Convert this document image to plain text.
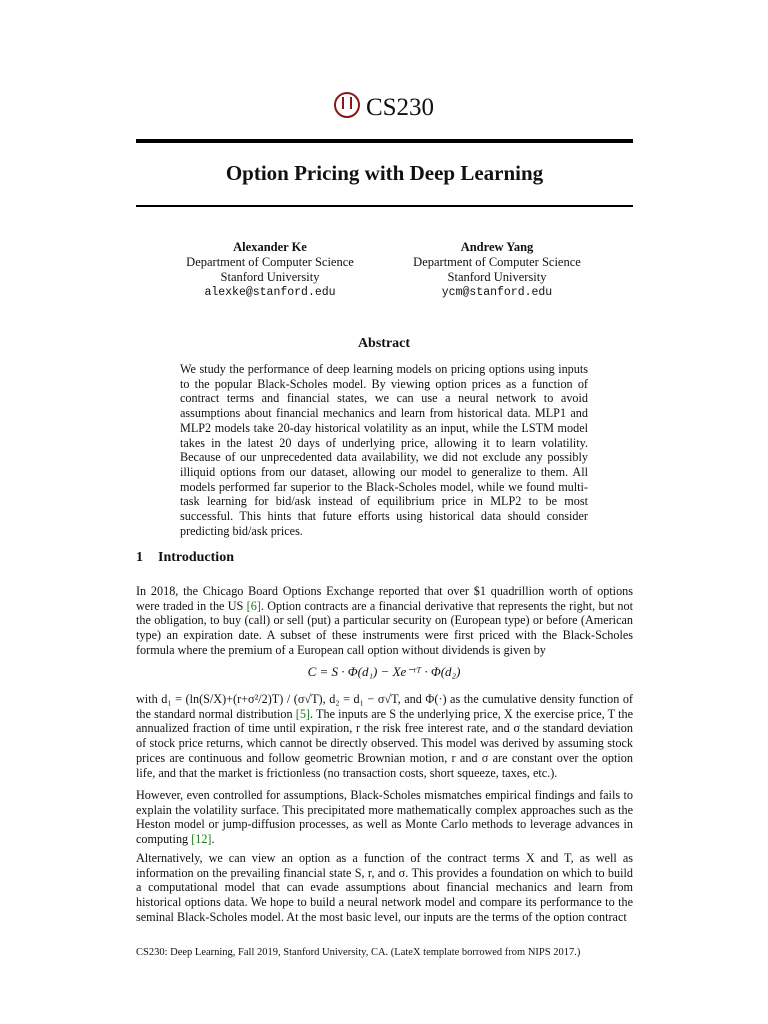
CS230
Option Pricing with Deep Learning
Alexander Ke
Department of Computer Science
Stanford University
alexke@stanford.edu
Andrew Yang
Department of Computer Science
Stanford University
ycm@stanford.edu
Abstract
We study the performance of deep learning models on pricing options using inputs to the popular Black-Scholes model. By viewing option prices as a function of contract terms and financial states, we can use a neural network to avoid assumptions about financial mechanics and learn from historical data. MLP1 and MLP2 models take 20-day historical volatility as an input, while the LSTM model takes in the latest 20 days of underlying price, allowing it to learn volatility. Because of our unprecedented data availability, we did not exclude any possibly illiquid options from our dataset, allowing our model to generalize to them. All models performed far superior to the Black-Scholes model, while we found multi-task learning for bid/ask instead of equilibrium price in MLP2 to be most successful. This hints that future efforts using historical data should consider predicting bid/ask prices.
1 Introduction
In 2018, the Chicago Board Options Exchange reported that over $1 quadrillion worth of options were traded in the US [6]. Option contracts are a financial derivative that represents the right, but not the obligation, to buy (call) or sell (put) a particular security on (European type) or before (American type) an expiration date. A subset of these instruments were first priced with the Black-Scholes formula where the premium of a European call option without dividends is given by
C = S · Φ(d₁) − Xe⁻ʳᵀ · Φ(d₂)
with d₁ = (ln(S/X)+(r+σ²/2)T) / (σ√T), d₂ = d₁ − σ√T, and Φ(·) as the cumulative density function of the standard normal distribution [5]. The inputs are S the underlying price, X the exercise price, T the annualized fraction of time until expiration, r the risk free interest rate, and σ the standard deviation of stock price returns, which cannot be directly observed. This model was derived by assuming stock prices are continuous and follow geometric Brownian motion, r and σ are constant over the option life, and that the market is frictionless (no transaction costs, short squeeze, taxes, etc.).
However, even controlled for assumptions, Black-Scholes mismatches empirical findings and fails to explain the volatility surface. This precipitated more mathematically complex approaches such as the Heston model or jump-diffusion processes, as well as Monte Carlo methods to leverage advances in computing [12].
Alternatively, we can view an option as a function of the contract terms X and T, as well as information on the prevailing financial state S, r, and σ. This provides a foundation on which to build a computational model that can evade assumptions about financial mechanics and learn from historical options data. We hope to build a neural network model and compare its performance to the seminal Black-Scholes model. At the most basic level, our inputs are the terms of the option contract
CS230: Deep Learning, Fall 2019, Stanford University, CA. (LateX template borrowed from NIPS 2017.)
